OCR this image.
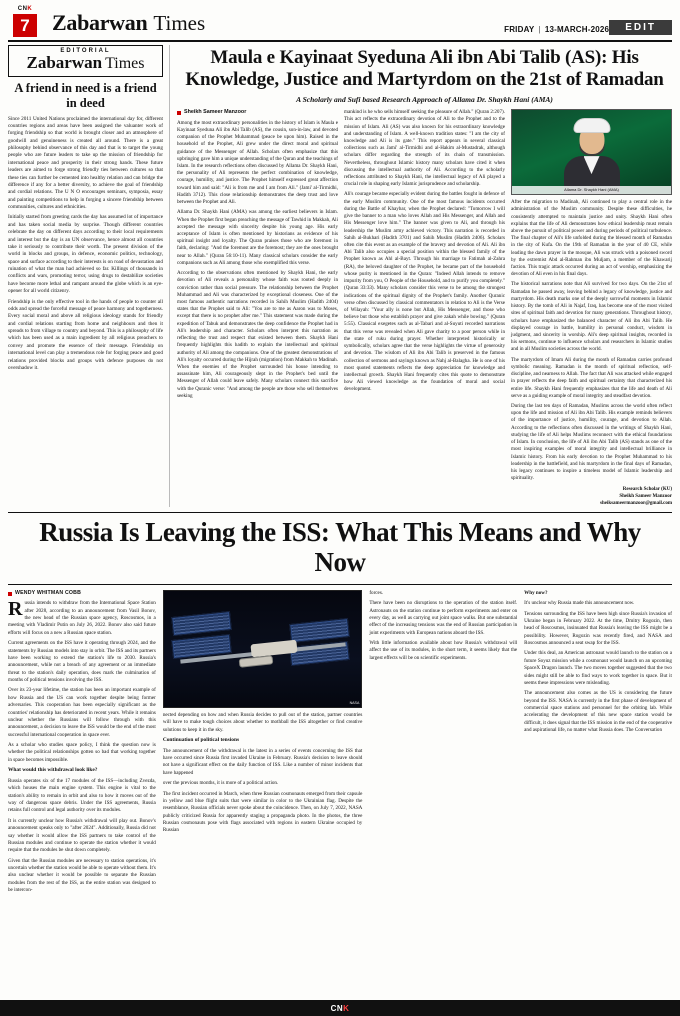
CNK
7	Zabarwan Times	FRIDAY | 13-MARCH-2026	EDIT
EDITORIAL
Zabarwan Times
A friend in need is a friend in deed

Since 2011 United Nations proclaimed the international day for, different countries regions and areas have been assigned the valuanter work of forging friendship so that world is brought closer and an atmosphere of goodwill and genuineness is created all around. There is a great philosophy behind observance of this day and that is to target the young people who are future leaders to take up the mission of friendship for international peace and prosperity in their strong hands. These future leaders are aimed to forge strong friendly ties between cultures so that these ties can further be cemented into healthy relation and can bridge the difference if any for a better diversity, to achieve the goal of friendship and cordial relations. The U N O encourages seminars, symposia, essay and painting competitions to help in forging a sincere friendship between communities, cultures and ethnicities.

Initially started from greeting cards the day has assumed lot of importance and has taken social media by surprise. Though different countries celebrate the day on different days according to their local requirements and interest but the day is an UN observance, hence almost all countries take it seriously to contribute their worth. The present division of the world in blocks and groups, in defence, economic politics, technology, space and surface according to their interests is on road of devastation and ruination of what the man had achieved so far. Killings of thousands in conflicts and wars, promoting terror, using drugs to destabilize societies have become more lethal and rampant around the globe which is an eye-opener for all world citizenry.

Friendship is the only effective tool in the hands of people to counter all odds and spread the forceful message of peace harmony and togetherness. Every social moral and above all religious ideology stands for friendly and cordial relations starting from home and neighbours and then it spreads to from village to country and beyond. This is a philosophy of life which has been used as a main ingredient by all religious preachers to convey and promote the essence of their message. Friendship on international level can play a tremendous role for forging peace and good relations provided blocks and groups with defence purposes do not overshadow it.

Maula e Kayinaat Syeduna Ali ibn Abi Talib (AS): His Knowledge, Justice and Martyrdom on the 21st of Ramadan
A Scholarly and Sufi based Research Approach of Allama Dr. Shaykh Hani (AMA)
Sheikh Sameer Manzoor

Among the most extraordinary personalities in the history of Islam is Maula e Kayinaat Syeduna Ali ibn Abi Talib (AS), the cousin, son-in-law, and devoted companion of the Prophet Muhammad (peace be upon him). Raised in the household of the Prophet, Ali grew under the direct moral and spiritual guidance of the Messenger of Allah. Scholars often emphasize that this upbringing gave him a unique understanding of the Quran and the teachings of Islam. In the research reflections often discussed by Allama Dr. Shaykh Hani, the personality of Ali represents the perfect combination of knowledge, courage, humility, and justice. The Prophet himself expressed great affection toward him and said: "Ali is from me and I am from Ali." (Jami' al-Tirmidhi, Hadith 3712). This close relationship demonstrates the deep trust and love between the Prophet and Ali.

Allama Dr. Shaykh Hani (AMA) was among the earliest believers in Islam. When the Prophet first began preaching the message of Tawhid in Makkah, Ali accepted the message with sincerity despite his young age. His early acceptance of Islam is often mentioned by historians as evidence of his spiritual insight and loyalty. The Quran praises those who are foremost in faith, declaring: "And the foremost are the foremost; they are the ones brought near to Allah." (Quran 56:10-11). Many classical scholars consider the early companions such as Ali among those who exemplified this verse.

According to the observations often mentioned by Shaykh Hani, the early devotion of Ali reveals a personality whose faith was rooted deeply in conviction rather than social pressure. The relationship between the Prophet Muhammad and Ali was characterized by exceptional closeness. One of the most famous authentic narrations recorded in Sahih Muslim (Hadith 2404) states that the Prophet said to Ali: "You are to me as Aaron was to Moses, except that there is no prophet after me." This statement was made during the expedition of Tabuk and demonstrates the deep confidence the Prophet had in Ali's leadership and character. Scholars often interpret this narration as reflecting the trust and respect that existed between them. Shaykh Hani frequently highlights this hadith to explain the intellectual and spiritual authority of Ali among the companions. One of the greatest demonstrations of Ali's loyalty occurred during the Hijrah (migration) from Makkah to Madinah. When the enemies of the Prophet surrounded his house intending to assassinate him, Ali courageously slept in the Prophet's bed until the Messenger of Allah could leave safely. Many scholars connect this sacrifice with the Quranic verse: "And among the people are those who sell themselves seeking

mankind is he who sells himself seeking the pleasure of Allah." (Quran 2:207). This act reflects the extraordinary devotion of Ali to the Prophet and to the mission of Islam. Ali (AS) was also known for his extraordinary knowledge and understanding of Islam. A well-known tradition states: "I am the city of knowledge and Ali is its gate." This report appears in several classical collections such as Jami' al-Tirmidhi and al-Hakim al-Mustadrak, although scholars differ regarding the strength of its chain of transmission. Nevertheless, throughout Islamic history many scholars have cited it when discussing the intellectual authority of Ali. According to the scholarly reflections attributed to Shaykh Hani, the intellectual legacy of Ali played a crucial role in shaping early Islamic jurisprudence and scholarship.

Ali's courage became especially evident during the battles fought in defence of the early Muslim community. One of the most famous incidents occurred during the Battle of Khaybar, when the Prophet declared: "Tomorrow I will give the banner to a man who loves Allah and His Messenger, and Allah and His Messenger love him." The banner was given to Ali, and through his leadership the Muslim army achieved victory. This narration is recorded in Sahih al-Bukhari (Hadith 3701) and Sahih Muslim (Hadith 2406). Scholars often cite this event as an example of the bravery and devotion of Ali. Ali ibn Abi Talib also occupies a special position within the blessed family of the Prophet known as Ahl al-Bayt. Through his marriage to Fatimah al-Zahra (RA), the beloved daughter of the Prophet, he became part of the household whose purity is mentioned in the Quran: "Indeed Allah intends to remove impurity from you, O People of the Household, and to purify you completely." (Quran 33:33). Many scholars consider this verse to be among the strongest indications of the spiritual dignity of the Prophet's family. Another Quranic verse often discussed by classical commentators in relation to Ali is the Verse of Wilayah: "Your ally is none but Allah, His Messenger, and those who believe but those who establish prayer and give zakah while bowing." (Quran 5:55). Classical exegetes such as al-Tabari and al-Suyuti recorded narrations that this verse was revealed when Ali gave charity to a poor person while in the state of ruku during prayer. Whether interpreted historically or symbolically, scholars agree that the verse highlights the virtue of generosity and devotion. The wisdom of Ali ibn Abi Talib is preserved in the famous collection of sermons and sayings known as Nahj al-Balagha. He is one of his most quoted statements reflects the deep appreciation for knowledge and intellectual growth. Shaykh Hani frequently cites this quote to demonstrate how Ali viewed knowledge as the foundation of moral and social development.

Allama Dr. Shaykh Hani (AMA)

After the migration to Madinah, Ali continued to play a central role in the administration of the Muslim community. Despite these difficulties, he consistently attempted to maintain justice and unity. Shaykh Hani often explains that the life of Ali demonstrates how ethical leadership must remain above the pursuit of political power and during periods of political turbulence. The final chapter of Ali's life unfolded during the blessed month of Ramadan in the city of Kufa. On the 19th of Ramadan in the year of 40 CE, while leading the dawn prayer in the mosque, Ali was struck with a poisoned sword by the extremist Abd al-Rahman ibn Muljam, a member of the Khawarij faction. This tragic attack occurred during an act of worship, emphasizing the devotion of Ali even in his final days.

The historical narrations note that Ali survived for two days. On the 21st of Ramadan he passed away, leaving behind a legacy of knowledge, justice and martyrdom. His death marks one of the deeply sorrowful moments in Islamic history. By the tomb of Ali in Najaf, Iraq, has become one of the most visited sites of spiritual faith and devotion for many generations. Throughout history, scholars have emphasized the balanced character of Ali ibn Abi Talib. He displayed courage in battle, humility in personal conduct, wisdom in judgment, and sincerity in worship. Ali's deep spiritual insights, recorded in his sermons, continue to influence scholars and researchers in Islamic studies and in all Muslim societies across the world.

The martyrdom of Imam Ali during the month of Ramadan carries profound symbolic meaning. Ramadan is the month of spiritual reflection, self-discipline, and nearness to Allah. The fact that Ali was attacked while engaged in prayer reflects the deep faith and spiritual certainty that characterized his entire life. Shaykh Hani frequently emphasizes that the life and death of Ali serve as a guiding example of moral integrity and steadfast devotion.

During the last ten days of Ramadan, Muslims across the world often reflect upon the life and mission of Ali ibn Abi Talib. His example reminds believers of the importance of justice, humility, courage, and devotion to Allah. According to the reflections often discussed in the writings of Shaykh Hani, studying the life of Ali helps Muslims reconnect with the ethical foundations of Islam. In conclusion, the life of Ali ibn Abi Talib (AS) stands as one of the most inspiring examples of moral integrity and intellectual brilliance in Islamic history. From his early devotion to the Prophet Muhammad to his leadership in the battlefield, and his martyrdom in the final days of Ramadan, his legacy continues to inspire a timeless model of Islamic leadership and spirituality.

Research Scholar (KU)
Sheikh Sameer Manzoor
sheiksameermanzoor@gmail.com
Russia Is Leaving the ISS: What This Means and Why Now
WENDY WHITMAN COBB

Russia intends to withdraw from the International Space Station after 2028, according to an announcement from Vasil Bonov, the new head of the Russian space agency, Roscosmos, in a meeting with Vladimir Putin on July 26, 2022. Bonov also said future efforts will focus on a new a Russian space station.

Current agreements on the ISS have it operating through 2024, and the statements by Russian models into stay in orbit. The ISS and its partners have been working to extend the station's life to 2030. Russia's announcement, while not a breach of any agreement or an immediate threat to the station's daily operation, does mark the culmination of months of political tensions involving the ISS.

Over its 23-year lifetime, the station has been an important example of how Russia and the US can work together despite being former adversaries. This cooperation has been especially significant as the countries' relationship has deteriorated in recent years. While it remains unclear whether the Russians will follow through with this announcement, a decision to leave the ISS would be the end of the most successful international cooperation in space ever.

As a scholar who studies space policy, I think the question now is whether the political relationships gotten so bad that working together in space becomes impossible.

What would this withdrawal look like?

Russia operates six of the 17 modules of the ISS—including Zvezda, which houses the main engine system. This engine is vital to the station's ability to remain in orbit and also to how it moves out of the way of dangerous space debris. Under the ISS agreements, Russia retains full control and legal authority over its modules.

It is currently unclear how Russia's withdrawal will play out. Bonov's announcement speaks only to "after 2024". Additionally, Russia did not say whether it would allow the ISS partners to take control of the Russian modules and continue to operate the station whether it would require that the modules be shut down completely.

Given that the Russian modules are necessary to station operations, it's uncertain whether the station would be able to operate without them. It's also unclear whether it would be possible to separate the Russian modules from the rest of the ISS, as the entire station was designed to be intercon-

NASA

nected depending on how and when Russia decides to pull out of the station, partner countries will have to make tough choices about whether to mothball the ISS altogether or find creative solutions to keep it in the sky.

Continuation of political tensions

The announcement of the withdrawal is the latest in a series of events concerning the ISS that have occurred since Russia first invaded Ukraine in February. Russia's decision to leave should not have a significant effect on the daily function of ISS. Like a number of minor incidents that have happened

over the previous months, it is more of a political action.

The first incident occurred in March, when three Russian cosmonauts emerged from their capsule in yellow and blue flight suits that were similar in color to the Ukrainian flag. Despite the resemblance, Russian officials never spoke about the coincidence. Then, on July 7, 2022, NASA publicly criticized Russia for apparently staging a propaganda photo. In the photos, the three Russian cosmonauts pose with flags associated with regions in eastern Ukraine occupied by Russian

forces.

There have been no disruptions to the operation of the station itself. Astronauts on the station continue to perform experiments and enter on every day, as well as carrying out joint space walks. But one substantial effect of the increasing tensions was the end of Russian participation in joint experiments with European nations aboard the ISS.

With little information available about how Russia's withdrawal will affect the use of its modules, in the short term, it seems likely that the largest effects will be on scientific experiments.

Why now?

It's unclear why Russia made this announcement now.

Tensions surrounding the ISS have been high since Russia's invasion of Ukraine began in February 2022. At the time, Dmitry Rogozin, then head of Roscosmos, insinuated that Russia's leaving the ISS might be a possibility. However, Rogozin was recently fired, and NASA and Roscosmos announced a seat swap for the ISS.

Under this deal, an American astronaut would launch to the station on a future Soyuz mission while a cosmonaut would launch on an upcoming SpaceX Dragon launch. The two moves together suggested that the two sides might still be able to find ways to work together in space. But it seems these impressions were misleading.

The announcement also comes as the US is considering the future beyond the ISS. NASA is currently in the first phase of development of commercial space stations and personnel for the orbiting lab. While accelerating the development of this new space station would be difficult, it does signal that the ISS mission in the end of the cooperative and aspirational life, no matter what Russia does. The Conversation

CNK
